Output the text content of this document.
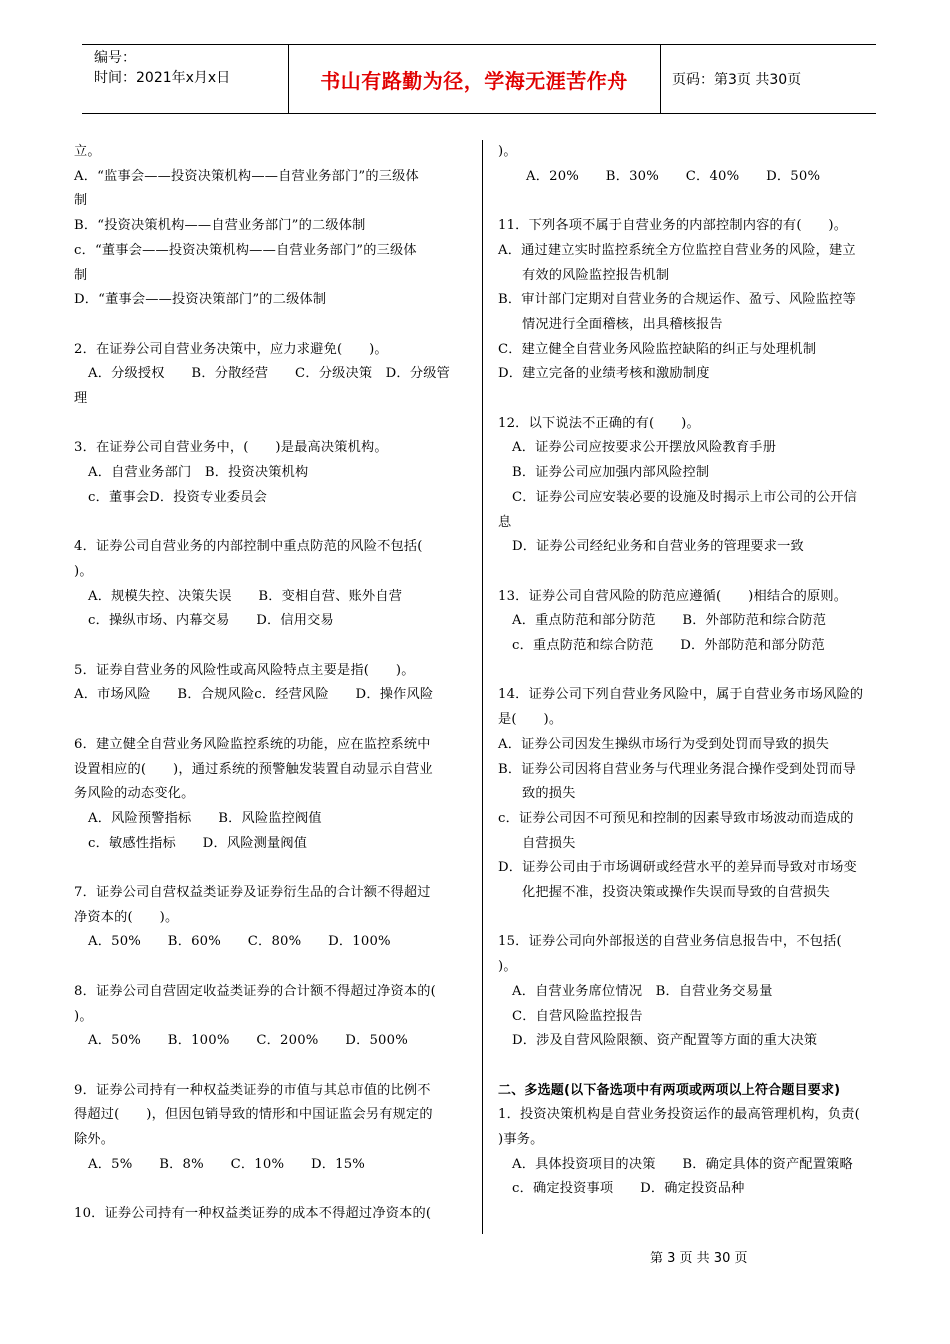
编号：
时间：2021年x月x日	书山有路勤为径，学海无涯苦作舟	页码：第3页 共30页

立。

A．“监事会——投资决策机构——自营业务部门”的三级体

制

B．“投资决策机构——自营业务部门”的二级体制

c．“董事会——投资决策机构——自营业务部门”的三级体

制

D．“董事会——投资决策部门”的二级体制

2．在证券公司自营业务决策中，应力求避免(　　)。

A．分级授权　　B．分散经营　　C．分级决策　D．分级管

理

3．在证券公司自营业务中，(　　)是最高决策机构。

A．自营业务部门　B．投资决策机构

c．董事会D．投资专业委员会

4．证券公司自营业务的内部控制中重点防范的风险不包括(

)。

A．规模失控、决策失误　　B．变相自营、账外自营

c．操纵市场、内幕交易　　D．信用交易

5．证券自营业务的风险性或高风险特点主要是指(　　)。

A．市场风险　　B．合规风险c．经营风险　　D．操作风险

6．建立健全自营业务风险监控系统的功能，应在监控系统中

设置相应的(　　)，通过系统的预警触发装置自动显示自营业

务风险的动态变化。

A．风险预警指标　　B．风险监控阀值

c．敏感性指标　　D．风险测量阀值

7．证券公司自营权益类证券及证券衍生品的合计额不得超过

净资本的(　　)。

A．50%　　B．60%　　C．80%　　D．100%

8．证券公司自营固定收益类证券的合计额不得超过净资本的(

)。

A．50%　　B．100%　　C．200%　　D．500%

9．证券公司持有一种权益类证券的市值与其总市值的比例不

得超过(　　)，但因包销导致的情形和中国证监会另有规定的

除外。

A．5%　　B．8%　　C．10%　　D．15%

10．证券公司持有一种权益类证券的成本不得超过净资本的(

)。

A．20%　　B．30%　　C．40%　　D．50%

11．下列各项不属于自营业务的内部控制内容的有(　　)。

A．通过建立实时监控系统全方位监控自营业务的风险，建立

有效的风险监控报告机制

B．审计部门定期对自营业务的合规运作、盈亏、风险监控等

情况进行全面稽核，出具稽核报告

C．建立健全自营业务风险监控缺陷的纠正与处理机制

D．建立完备的业绩考核和激励制度

12．以下说法不正确的有(　　)。

A．证券公司应按要求公开摆放风险教育手册

B．证券公司应加强内部风险控制

C．证券公司应安装必要的设施及时揭示上市公司的公开信

息

D．证券公司经纪业务和自营业务的管理要求一致

13．证券公司自营风险的防范应遵循(　　)相结合的原则。

A．重点防范和部分防范　　B．外部防范和综合防范

c．重点防范和综合防范　　D．外部防范和部分防范

14．证券公司下列自营业务风险中，属于自营业务市场风险的

是(　　)。

A．证券公司因发生操纵市场行为受到处罚而导致的损失

B．证券公司因将自营业务与代理业务混合操作受到处罚而导

致的损失

c．证券公司因不可预见和控制的因素导致市场波动而造成的

自营损失

D．证券公司由于市场调研或经营水平的差异而导致对市场变

化把握不准，投资决策或操作失误而导致的自营损失

15．证券公司向外部报送的自营业务信息报告中，不包括(

)。

A．自营业务席位情况　B．自营业务交易量

C．自营风险监控报告

D．涉及自营风险限额、资产配置等方面的重大决策

二、多选题(以下备选项中有两项或两项以上符合题目要求)

1．投资决策机构是自营业务投资运作的最高管理机构，负责(

)事务。

A．具体投资项目的决策　　B．确定具体的资产配置策略

c．确定投资事项　　D．确定投资品种

第 3 页 共 30 页
